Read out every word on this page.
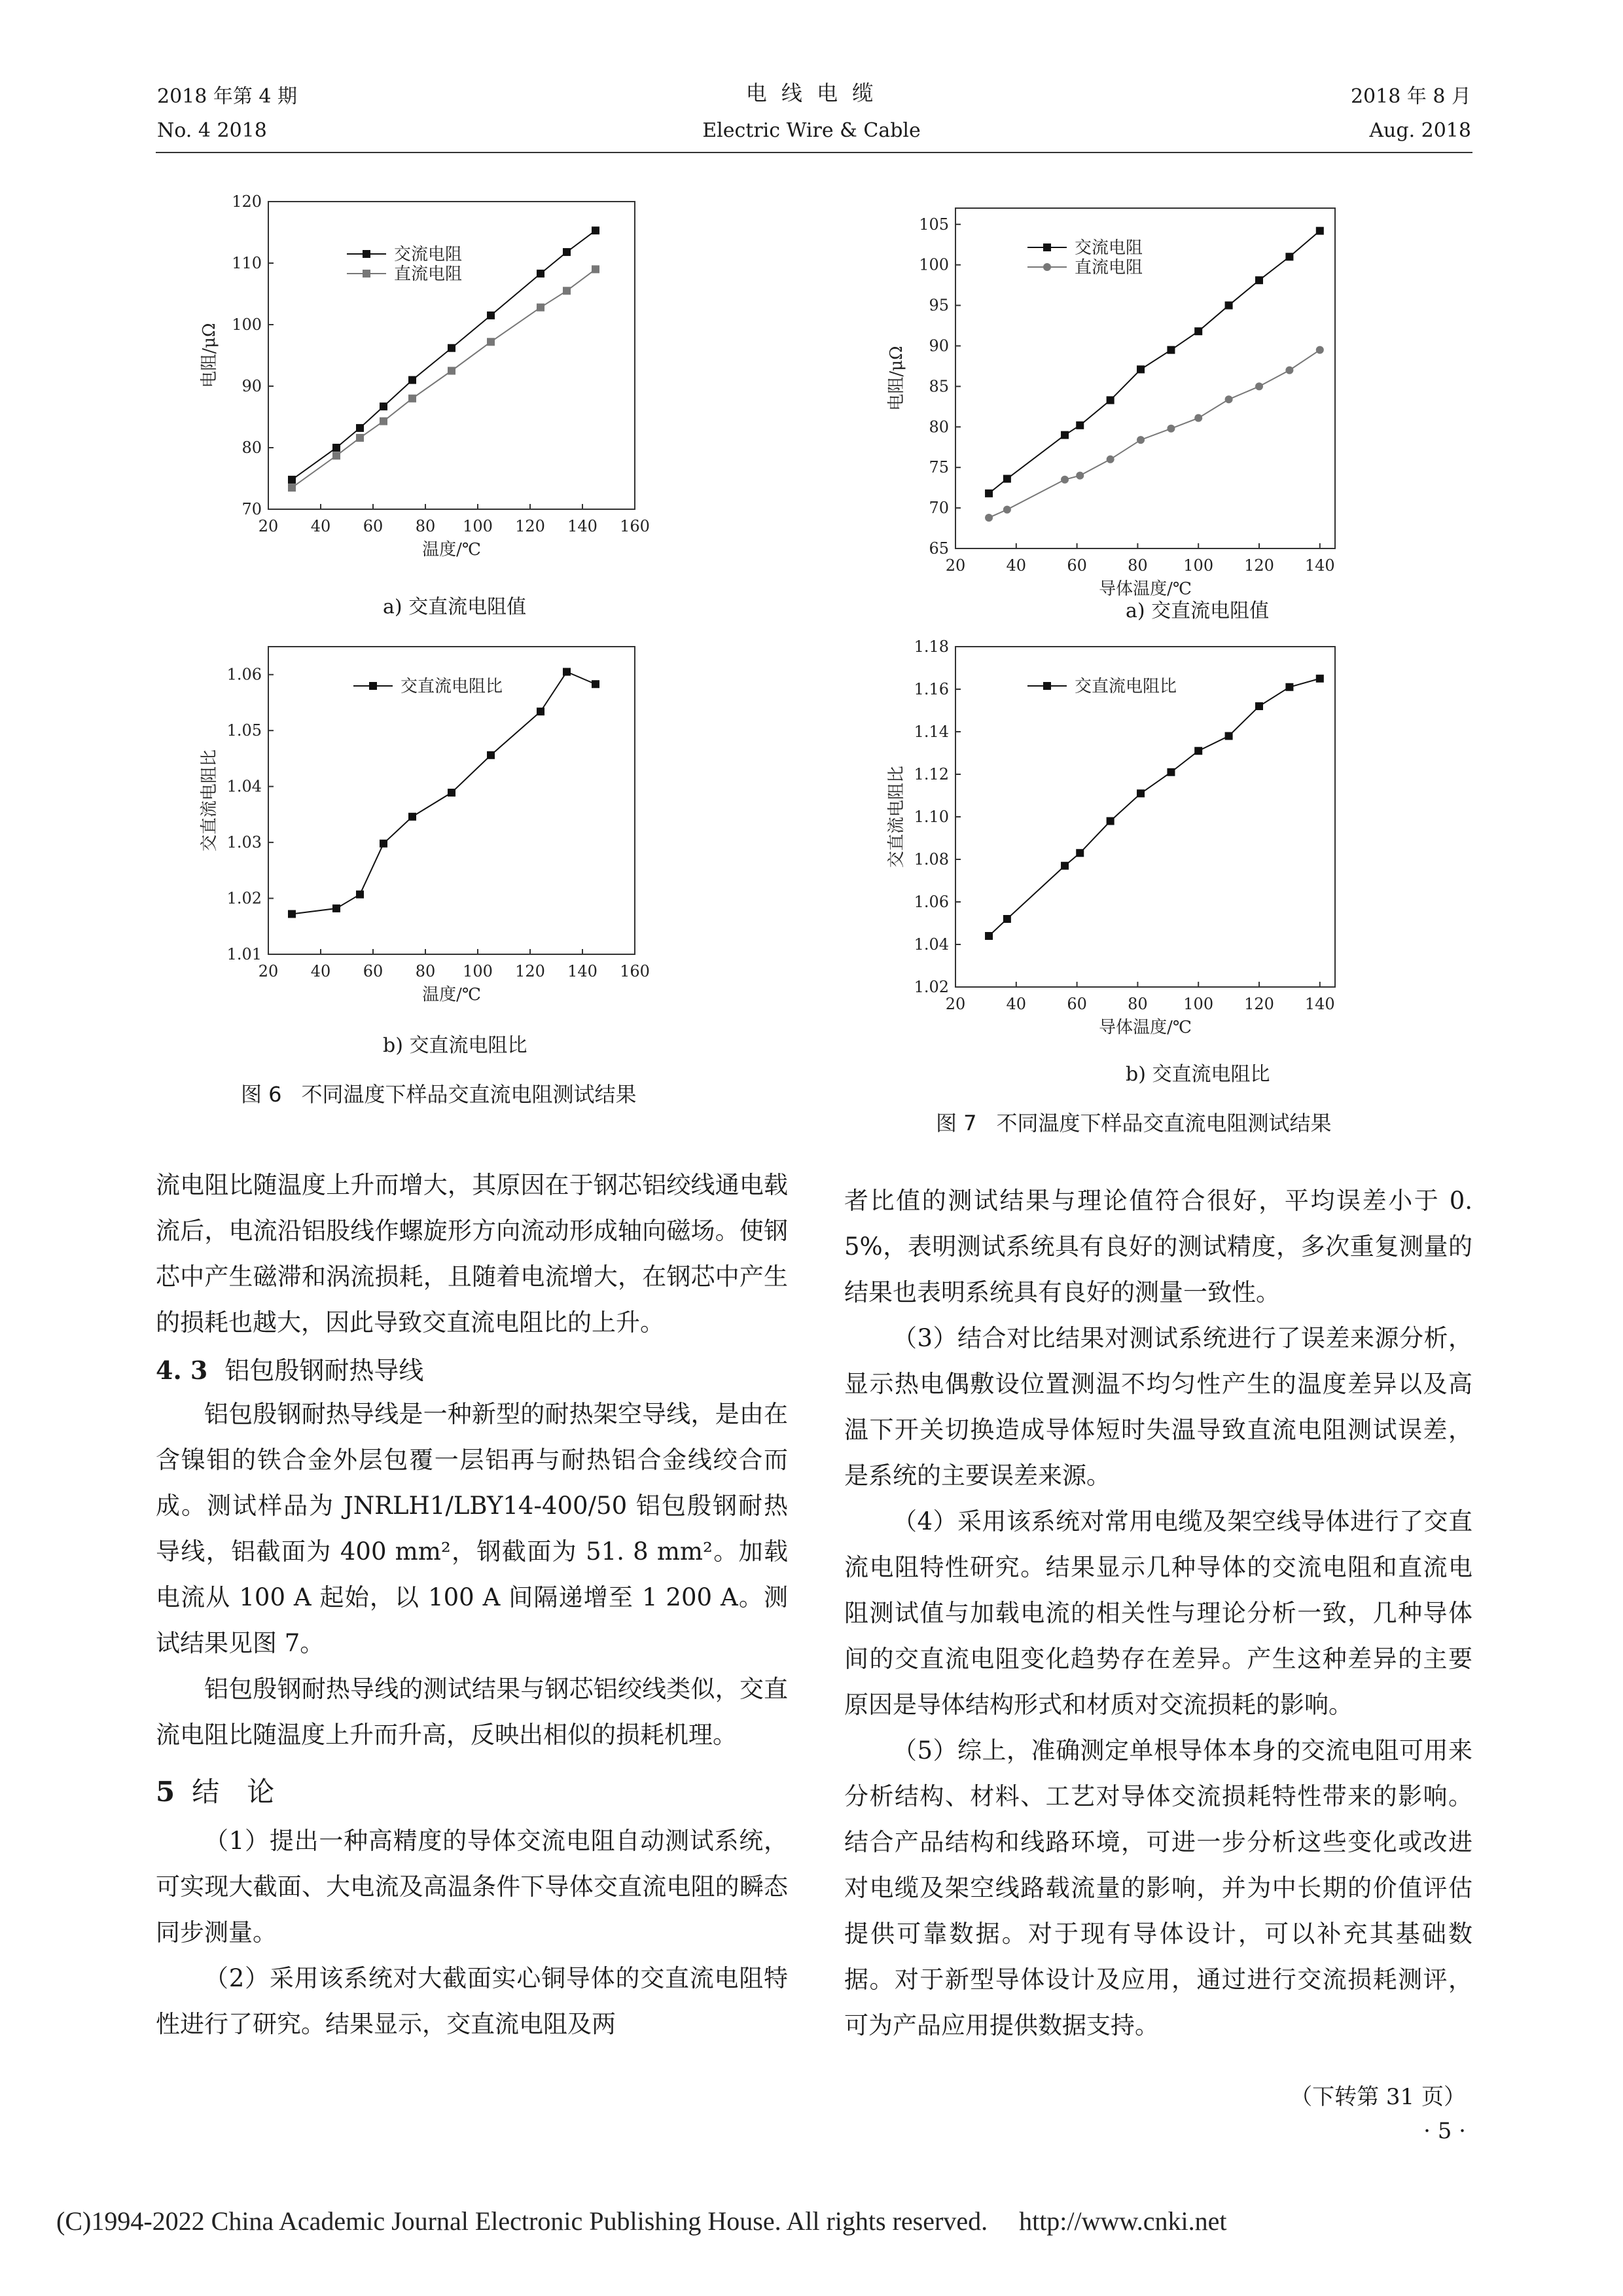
2018 年第 4 期
No. 4 2018
电 线 电 缆
Electric Wire & Cable
2018 年 8 月
Aug. 2018
20 40 60 80 100 120 140 160
70
80
90
100
110
120
温度/℃
电阻/μΩ
交流电阻
直流电阻
20 40 60 80 100 120 140 160
1.01
1.02
1.03
1.04
1.05
1.06
温度/℃
交直流电阻比
交直流电阻比
20	40	60	80 100 120 140
65
70
75
80
85
90
95
100
105
导体温度/℃
电阻/μΩ
交流电阻
直流电阻
20	40	60	80 100 120 140
1.02
1.04
1.06
1.08
1.10
1.12
1.14
1.16
1.18
导体温度/℃
交直流电阻比
交直流电阻比
a) 交直流电阻值
b) 交直流电阻比
a) 交直流电阻值
b) 交直流电阻比
图 6 不同温度下样品交直流电阻测试结果
图 7 不同温度下样品交直流电阻测试结果

流电阻比随温度上升而增大，其原因在于钢芯铝绞线通电载流后，电流沿铝股线作螺旋形方向流动形成轴向磁场。使钢芯中产生磁滞和涡流损耗，且随着电流增大，在钢芯中产生的损耗也越大，因此导致交直流电阻比的上升。

4. 3 铝包殷钢耐热导线

铝包殷钢耐热导线是一种新型的耐热架空导线，是由在含镍钼的铁合金外层包覆一层铝再与耐热铝合金线绞合而成。测试样品为 JNRLH1/LBY14-400/50 铝包殷钢耐热导线，铝截面为 400 mm²，钢截面为 51. 8 mm²。加载电流从 100 A 起始，以 100 A 间隔递增至 1 200 A。测试结果见图 7。

铝包殷钢耐热导线的测试结果与钢芯铝绞线类似，交直流电阻比随温度上升而升高，反映出相似的损耗机理。

5 结　论

（1）提出一种高精度的导体交流电阻自动测试系统，可实现大截面、大电流及高温条件下导体交直流电阻的瞬态同步测量。

（2）采用该系统对大截面实心铜导体的交直流电阻特性进行了研究。结果显示，交直流电阻及两

者比值的测试结果与理论值符合很好，平均误差小于 0. 5%，表明测试系统具有良好的测试精度，多次重复测量的结果也表明系统具有良好的测量一致性。

（3）结合对比结果对测试系统进行了误差来源分析，显示热电偶敷设位置测温不均匀性产生的温度差异以及高温下开关切换造成导体短时失温导致直流电阻测试误差，是系统的主要误差来源。

（4）采用该系统对常用电缆及架空线导体进行了交直流电阻特性研究。结果显示几种导体的交流电阻和直流电阻测试值与加载电流的相关性与理论分析一致，几种导体间的交直流电阻变化趋势存在差异。产生这种差异的主要原因是导体结构形式和材质对交流损耗的影响。

（5）综上，准确测定单根导体本身的交流电阻可用来分析结构、材料、工艺对导体交流损耗特性带来的影响。结合产品结构和线路环境，可进一步分析这些变化或改进对电缆及架空线路载流量的影响，并为中长期的价值评估提供可靠数据。对于现有导体设计，可以补充其基础数据。对于新型导体设计及应用，通过进行交流损耗测评，可为产品应用提供数据支持。

（下转第 31 页）
· 5 ·
(C)1994-2022 China Academic Journal Electronic Publishing House. All rights reserved. http://www.cnki.net
